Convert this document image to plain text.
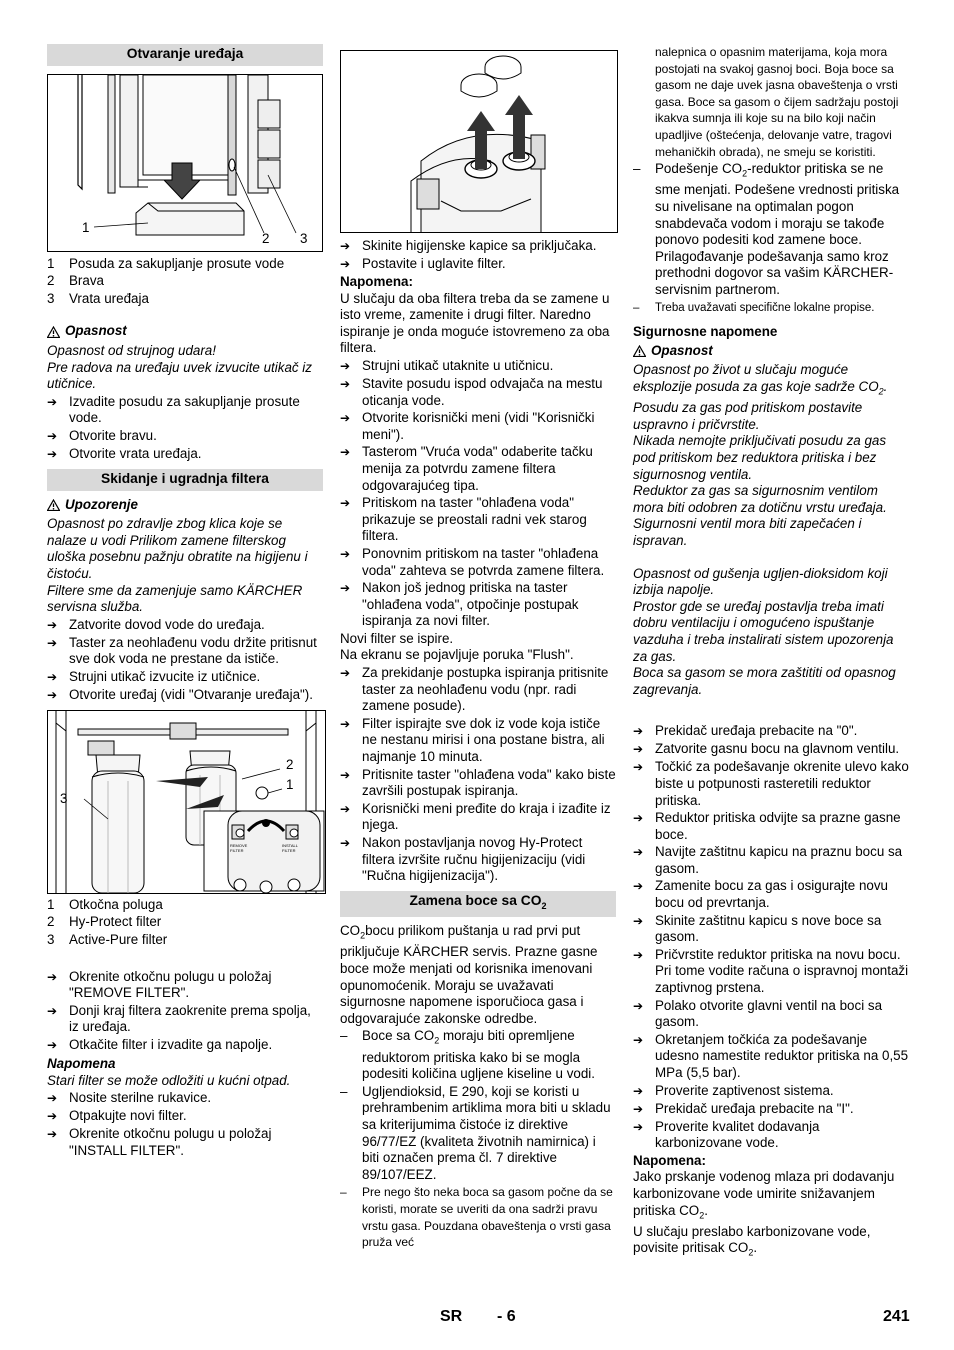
Otvaranje uređaja
1
2 3
1	Posuda za sakupljanje prosute vode
2	Brava
3	Vrata uređaja
Opasnost
Opasnost od strujnog udara!
Pre radova na uređaju uvek izvucite utikač iz utičnice.
➔ Izvadite posudu za sakupljanje prosute vode.
➔ Otvorite bravu.
➔ Otvorite vrata uređaja.
Skidanje i ugradnja filtera
Upozorenje
Opasnost po zdravlje zbog klica koje se nalaze u vodi Prilikom zamene filterskog uloška posebnu pažnju obratite na higijenu i čistoću.
Filtere sme da zamenjuje samo KÄRCHER servisna služba.
➔ Zatvorite dovod vode do uređaja.
➔ Taster za neohlađenu vodu držite pritisnut sve dok voda ne prestane da ističe.
➔ Strujni utikač izvucite iz utičnice.
➔ Otvorite uređaj (vidi "Otvaranje uređaja").
3
2
1
REMOVE FILTER
INSTALL FILTER
1	Otkočna poluga
2	Hy-Protect filter
3	Active-Pure filter
➔ Okrenite otkočnu polugu u položaj "REMOVE FILTER".
➔ Donji kraj filtera zaokrenite prema spolja, iz uređaja.
➔ Otkačite filter i izvadite ga napolje.
Napomena
Stari filter se može odložiti u kućni otpad.
➔ Nosite sterilne rukavice.
➔ Otpakujte novi filter.
➔ Okrenite otkočnu polugu u položaj "INSTALL FILTER".
➔ Skinite higijenske kapice sa priključaka.
➔ Postavite i uglavite filter.
Napomena:
U slučaju da oba filtera treba da se zamene u isto vreme, zamenite i drugi filter. Naredno ispiranje je onda moguće istovremeno za oba filtera.
➔ Strujni utikač utaknite u utičnicu.
➔ Stavite posudu ispod odvajača na mestu oticanja vode.
➔ Otvorite korisnički meni (vidi "Korisnički meni").
➔ Tasterom "Vruća voda" odaberite tačku menija za potvrdu zamene filtera odgovarajućeg tipa.
➔ Pritiskom na taster "ohlađena voda" prikazuje se preostali radni vek starog filtera.
➔ Ponovnim pritiskom na taster "ohlađena voda" zahteva se potvrda zamene filtera.
➔ Nakon još jednog pritiska na taster "ohlađena voda", otpočinje postupak ispiranja za novi filter.
Novi filter se ispire.
Na ekranu se pojavljuje poruka "Flush".
➔ Za prekidanje postupka ispiranja pritisnite taster za neohlađenu vodu (npr. radi zamene posude).
➔ Filter ispirajte sve dok iz vode koja ističe ne nestanu mirisi i ona postane bistra, ali najmanje 10 minuta.
➔ Pritisnite taster "ohlađena voda" kako biste završili postupak ispiranja.
➔ Korisnički meni pređite do kraja i izađite iz njega.
➔ Nakon postavljanja novog Hy-Protect filtera izvršite ručnu higijenizaciju (vidi "Ručna higijenizacija").
Zamena boce sa $CO_2$
$CO_2bocu$ prilikom puštanja u rad prvi put priključuje KÄRCHER servis. Prazne gasne boce može menjati od korisnika imenovani opunomoćenik. Moraju se uvažavati sigurnosne napomene isporučioca gasa i odgovarajuće zakonske odredbe.
–	Boce sa $CO_2$ moraju biti opremljene reduktorom pritiska kako bi se mogla podesiti količina ugljene kiseline u vodi.
–	Ugljendioksid, E 290, koji se koristi u prehrambenim artiklima mora biti u skladu sa kriterijumima čistoće iz direktive 96/77/EZ (kvaliteta životnih namirnica) i biti označen prema čl. 7 direktive 89/107/EEZ.
–	Pre nego što neka boca sa gasom počne da se koristi, morate se uveriti da ona sadrži pravu vrstu gasa. Pouzdana obaveštenja o vrsti gasa pruža već
nalepnica o opasnim materijama, koja mora postojati na svakoj gasnoj boci. Boja boce sa gasom ne daje uvek jasna obaveštenja o vrsti gasa. Boce sa gasom o čijem sadržaju postoji ikakva sumnja ili koje su na bilo koji način upadljive (oštećenja, delovanje vatre, tragovi mehaničkih obrada), ne smeju se koristiti.
–	Podešenje $CO_2$-reduktor pritiska se ne sme menjati. Podešene vrednosti pritiska su nivelisane na optimalan pogon snabdevača vodom i moraju se takođe ponovo podesiti kod zamene boce. Prilagođavanje podešavanja samo kroz prethodni dogovor sa vašim KÄRCHER-servisnim partnerom.
–	Treba uvažavati specifične lokalne propise.
Sigurnosne napomene
Opasnost
Opasnost po život u slučaju moguće eksplozije posuda za gas koje sadrže $CO_2$.
Posudu za gas pod pritiskom postavite uspravno i pričvrstite.
Nikada nemojte priključivati posudu za gas pod pritiskom bez reduktora pritiska i bez sigurnosnog ventila.
Reduktor za gas sa sigurnosnim ventilom mora biti odobren za dotičnu vrstu uređaja. Sigurnosni ventil mora biti zapečaćen i ispravan.
Opasnost od gušenja ugljen-dioksidom koji izbija napolje.
Prostor gde se uređaj postavlja treba imati dobru ventilaciju i omogućeno ispuštanje vazduha i treba instalirati sistem upozorenja za gas.
Boca sa gasom se mora zaštititi od opasnog zagrevanja.
➔ Prekidač uređaja prebacite na "0".
➔ Zatvorite gasnu bocu na glavnom ventilu.
➔ Točkić za podešavanje okrenite ulevo kako biste u potpunosti rasteretili reduktor pritiska.
➔ Reduktor pritiska odvijte sa prazne gasne boce.
➔ Navijte zaštitnu kapicu na praznu bocu sa gasom.
➔ Zamenite bocu za gas i osigurajte novu bocu od prevrtanja.
➔ Skinite zaštitnu kapicu s nove boce sa gasom.
➔ Pričvrstite reduktor pritiska na novu bocu. Pri tome vodite računa o ispravnoj montaži zaptivnog prstena.
➔ Polako otvorite glavni ventil na boci sa gasom.
➔ Okretanjem točkića za podešavanje udesno namestite reduktor pritiska na 0,55 MPa (5,5 bar).
➔ Proverite zaptivenost sistema.
➔ Prekidač uređaja prebacite na "I".
➔ Proverite kvalitet dodavanja karbonizovane vode.
Napomena:
Jako prskanje vodenog mlaza pri dodavanju karbonizovane vode umirite snižavanjem pritiska $CO_2$.
U slučaju preslabo karbonizovane vode, povisite pritisak $CO_2$.
SR - 6	241
